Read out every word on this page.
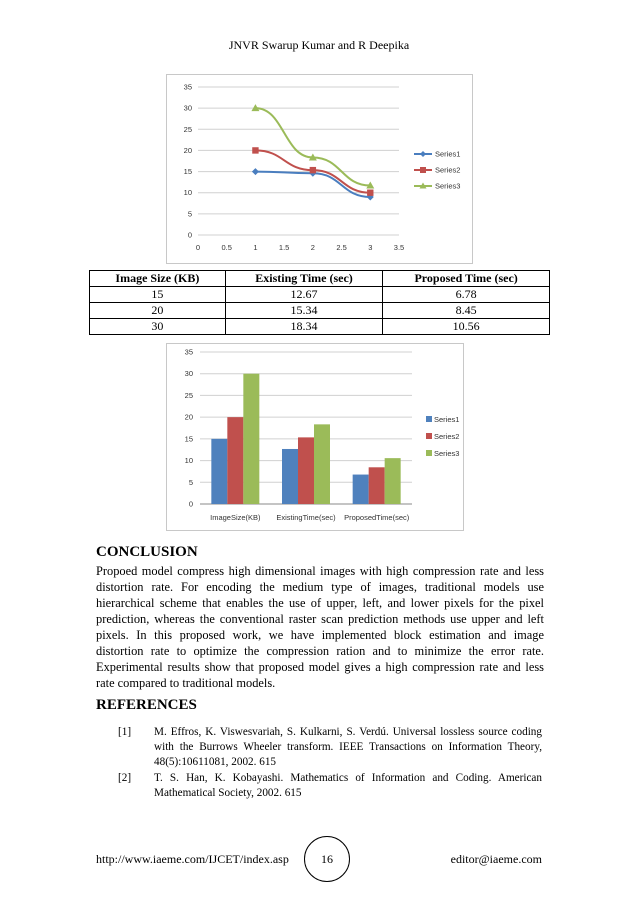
JNVR Swarup Kumar and R Deepika
0
5
10
15
20
25
30
35
0	0.5	1	1.5	2	2.5	3	3.5
Series1
Series2
Series3
Image Size (KB)	Existing Time (sec)	Proposed Time (sec)
15	12.67	6.78
20	15.34	8.45
30	18.34	10.56
0
5
10
15
20
25
30
35
ImageSize(KB) ExistingTime(sec) ProposedTime(sec)
Series1
Series2
Series3
CONCLUSION

Propoed model compress high dimensional images with high compression rate and less distortion rate. For encoding the medium type of images, traditional models use hierarchical scheme that enables the use of upper, left, and lower pixels for the pixel prediction, whereas the conventional raster scan prediction methods use upper and left pixels. In this proposed work, we have implemented block estimation and image distortion rate to optimize the compression ration and to minimize the error rate. Experimental results show that proposed model gives a high compression rate and less rate compared to traditional models.

REFERENCES
[1] M. Effros, K. Viswesvariah, S. Kulkarni, S. Verdú. Universal lossless source coding with the Burrows Wheeler transform. IEEE Transactions on Information Theory, 48(5):10611081, 2002. 615
[2] T. S. Han, K. Kobayashi. Mathematics of Information and Coding. American Mathematical Society, 2002. 615
http://www.iaeme.com/IJCET/index.asp	16	editor@iaeme.com
